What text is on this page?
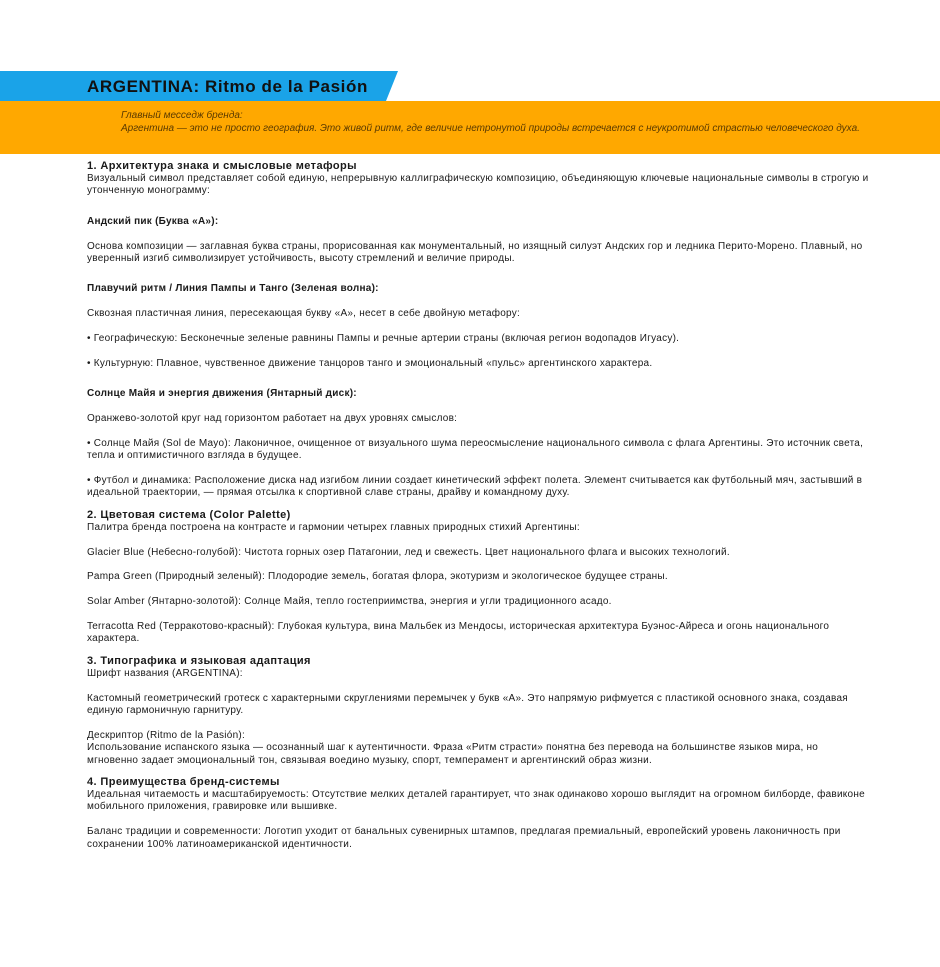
ARGENTINA: Ritmo de la Pasión
Главный месседж бренда:
Аргентина — это не просто география. Это живой ритм, где величие нетронутой природы встречается с неукротимой страстью человеческого духа.

1. Архитектура знака и смысловые метафоры

Визуальный символ представляет собой единую, непрерывную каллиграфическую композицию, объединяющую ключевые национальные символы в строгую и утонченную монограмму:

Андский пик (Буква «А»):

Основа композиции — заглавная буква страны, прорисованная как монументальный, но изящный силуэт Андских гор и ледника Перито-Морено. Плавный, но уверенный изгиб символизирует устойчивость, высоту стремлений и величие природы.

Плавучий ритм / Линия Пампы и Танго (Зеленая волна):

Сквозная пластичная линия, пересекающая букву «А», несет в себе двойную метафору:

• Географическую: Бесконечные зеленые равнины Пампы и речные артерии страны (включая регион водопадов Игуасу).

• Культурную: Плавное, чувственное движение танцоров танго и эмоциональный «пульс» аргентинского характера.

Солнце Майя и энергия движения (Янтарный диск):

Оранжево-золотой круг над горизонтом работает на двух уровнях смыслов:

• Солнце Майя (Sol de Mayo): Лаконичное, очищенное от визуального шума переосмысление национального символа с флага Аргентины. Это источник света, тепла и оптимистичного взгляда в будущее.

• Футбол и динамика: Расположение диска над изгибом линии создает кинетический эффект полета. Элемент считывается как футбольный мяч, застывший в идеальной траектории, — прямая отсылка к спортивной славе страны, драйву и командному духу.

2. Цветовая система (Color Palette)

Палитра бренда построена на контрасте и гармонии четырех главных природных стихий Аргентины:

Glacier Blue (Небесно-голубой): Чистота горных озер Патагонии, лед и свежесть. Цвет национального флага и высоких технологий.

Pampa Green (Природный зеленый): Плодородие земель, богатая флора, экотуризм и экологическое будущее страны.

Solar Amber (Янтарно-золотой): Солнце Майя, тепло гостеприимства, энергия и угли традиционного асадо.

Terracotta Red (Терракотово-красный): Глубокая культура, вина Мальбек из Мендосы, историческая архитектура Буэнос-Айреса и огонь национального характера.

3. Типографика и языковая адаптация

Шрифт названия (ARGENTINA):

Кастомный геометрический гротеск с характерными скруглениями перемычек у букв «А». Это напрямую рифмуется с пластикой основного знака, создавая единую гармоничную гарнитуру.

Дескриптор (Ritmo de la Pasión):

Использование испанского языка — осознанный шаг к аутентичности. Фраза «Ритм страсти» понятна без перевода на большинстве языков мира, но мгновенно задает эмоциональный тон, связывая воедино музыку, спорт, темперамент и аргентинский образ жизни.

4. Преимущества бренд-системы

Идеальная читаемость и масштабируемость: Отсутствие мелких деталей гарантирует, что знак одинаково хорошо выглядит на огромном билборде, фавиконе мобильного приложения, гравировке или вышивке.

Баланс традиции и современности: Логотип уходит от банальных сувенирных штампов, предлагая премиальный, европейский уровень лаконичность при сохранении 100% латиноамериканской идентичности.
